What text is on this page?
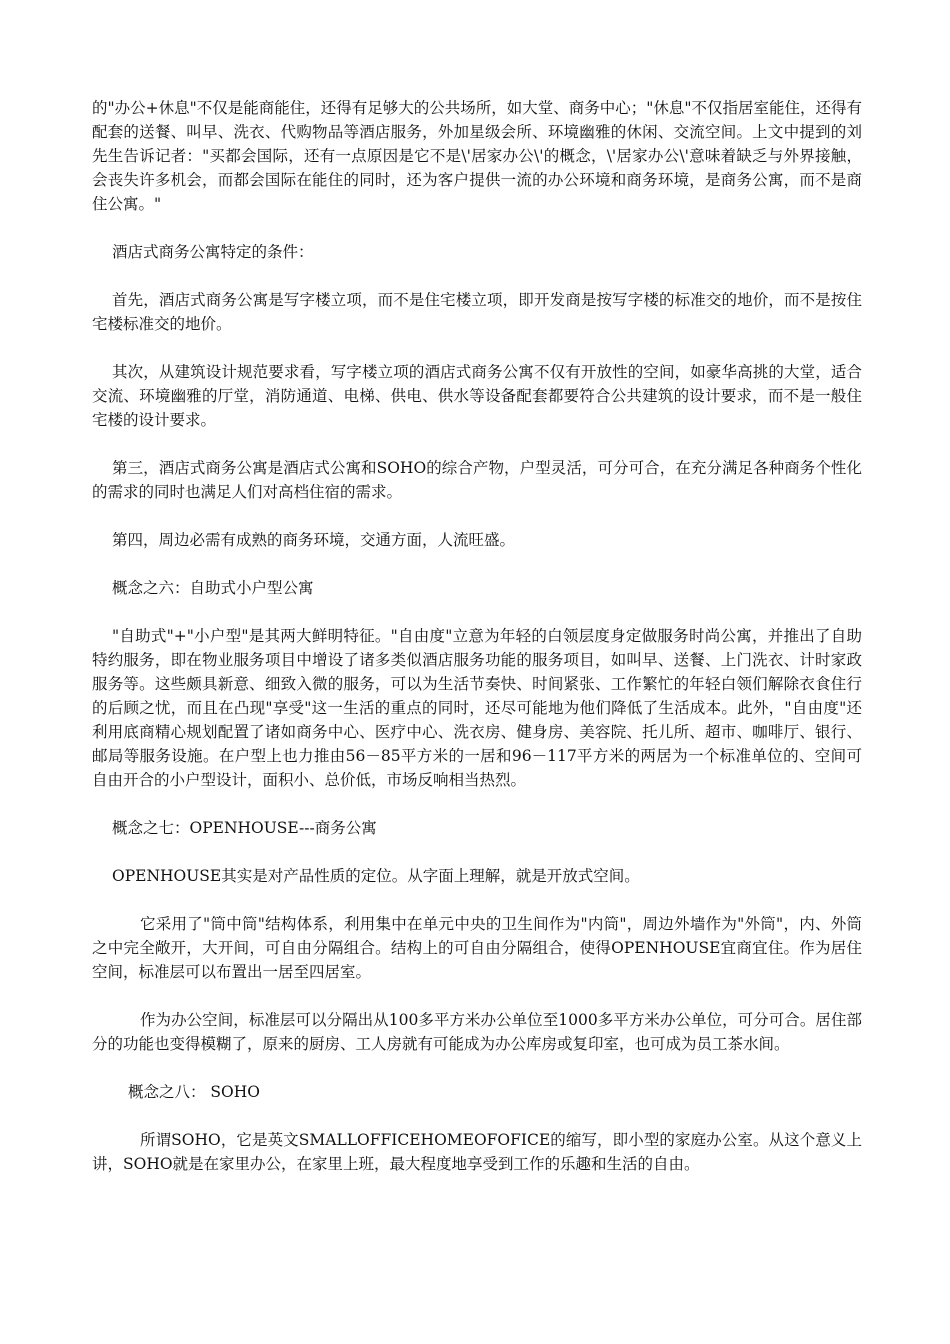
的"办公+休息"不仅是能商能住，还得有足够大的公共场所，如大堂、商务中心；"休息"不仅指居室能住，还得有配套的送餐、叫早、洗衣、代购物品等酒店服务，外加星级会所、环境幽雅的休闲、交流空间。上文中提到的刘先生告诉记者："买都会国际，还有一点原因是它不是\'居家办公\'的概念，\'居家办公\'意味着缺乏与外界接触，会丧失许多机会，而都会国际在能住的同时，还为客户提供一流的办公环境和商务环境，是商务公寓，而不是商住公寓。"

酒店式商务公寓特定的条件：

首先，酒店式商务公寓是写字楼立项，而不是住宅楼立项，即开发商是按写字楼的标准交的地价，而不是按住宅楼标准交的地价。

其次，从建筑设计规范要求看，写字楼立项的酒店式商务公寓不仅有开放性的空间，如豪华高挑的大堂，适合交流、环境幽雅的厅堂，消防通道、电梯、供电、供水等设备配套都要符合公共建筑的设计要求，而不是一般住宅楼的设计要求。

第三，酒店式商务公寓是酒店式公寓和SOHO的综合产物，户型灵活，可分可合，在充分满足各种商务个性化的需求的同时也满足人们对高档住宿的需求。

第四，周边必需有成熟的商务环境，交通方面，人流旺盛。

概念之六：自助式小户型公寓

"自助式"+"小户型"是其两大鲜明特征。"自由度"立意为年轻的白领层度身定做服务时尚公寓，并推出了自助特约服务，即在物业服务项目中增设了诸多类似酒店服务功能的服务项目，如叫早、送餐、上门洗衣、计时家政服务等。这些颇具新意、细致入微的服务，可以为生活节奏快、时间紧张、工作繁忙的年轻白领们解除衣食住行的后顾之忧，而且在凸现"享受"这一生活的重点的同时，还尽可能地为他们降低了生活成本。此外，"自由度"还利用底商精心规划配置了诸如商务中心、医疗中心、洗衣房、健身房、美容院、托儿所、超市、咖啡厅、银行、邮局等服务设施。在户型上也力推由56－85平方米的一居和96－117平方米的两居为一个标准单位的、空间可自由开合的小户型设计，面积小、总价低，市场反响相当热烈。

概念之七：OPENHOUSE---商务公寓

OPENHOUSE其实是对产品性质的定位。从字面上理解，就是开放式空间。

它采用了"筒中筒"结构体系，利用集中在单元中央的卫生间作为"内筒"，周边外墙作为"外筒"，内、外筒之中完全敞开，大开间，可自由分隔组合。结构上的可自由分隔组合，使得OPENHOUSE宜商宜住。作为居住空间，标准层可以布置出一居至四居室。

作为办公空间，标准层可以分隔出从100多平方米办公单位至1000多平方米办公单位，可分可合。居住部分的功能也变得模糊了，原来的厨房、工人房就有可能成为办公库房或复印室，也可成为员工茶水间。

概念之八： SOHO

所谓SOHO，它是英文SMALLOFFICEHOMEOFOFICE的缩写，即小型的家庭办公室。从这个意义上讲，SOHO就是在家里办公，在家里上班，最大程度地享受到工作的乐趣和生活的自由。
